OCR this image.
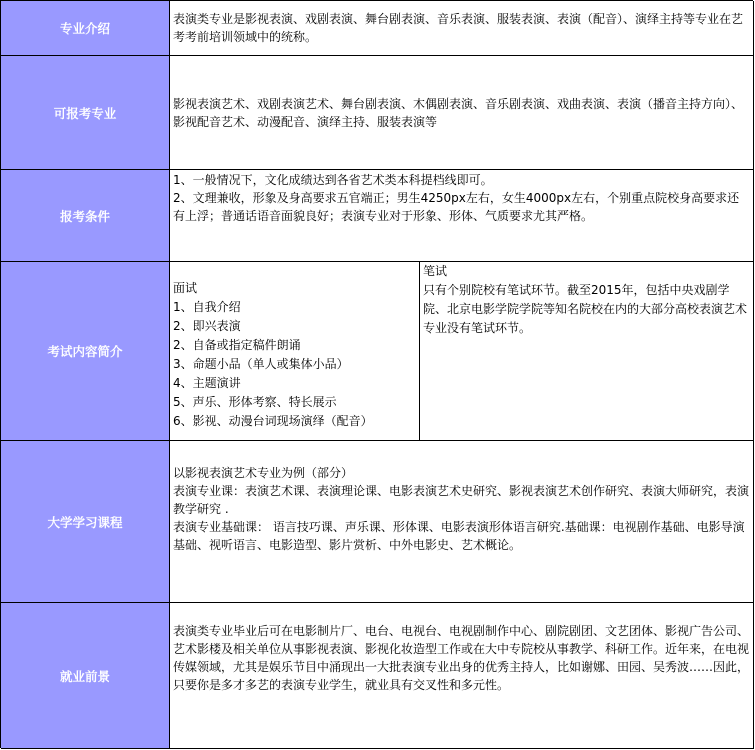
专业介绍

表演类专业是影视表演、戏剧表演、舞台剧表演、音乐表演、服装表演、表演（配音）、演绎主持等专业在艺考考前培训领域中的统称。

可报考专业

影视表演艺术、戏剧表演艺术、舞台剧表演、木偶剧表演、音乐剧表演、戏曲表演、表演（播音主持方向）、影视配音艺术、动漫配音、演绎主持、服装表演等

报考条件

1、一般情况下，文化成绩达到各省艺术类本科提档线即可。

2、文理兼收，形象及身高要求五官端正；男生4250px左右，女生4000px左右，个别重点院校身高要求还有上浮；普通话语音面貌良好；表演专业对于形象、形体、气质要求尤其严格。

考试内容简介

面试

1、自我介绍

2、即兴表演

2、自备或指定稿件朗诵

3、命题小品（单人或集体小品）

4、主题演讲

5、声乐、形体考察、特长展示

6、影视、动漫台词现场演绎（配音）

笔试

只有个别院校有笔试环节。截至2015年，包括中央戏剧学院、北京电影学院学院等知名院校在内的大部分高校表演艺术专业没有笔试环节。

大学学习课程

以影视表演艺术专业为例（部分）

表演专业课：表演艺术课、表演理论课、电影表演艺术史研究、影视表演艺术创作研究、表演大师研究，表演教学研究 .

表演专业基础课： 语言技巧课、声乐课、形体课、电影表演形体语言研究.基础课：电视剧作基础、电影导演基础、视听语言、电影造型、影片赏析、中外电影史、艺术概论。

就业前景

表演类专业毕业后可在电影制片厂、电台、电视台、电视剧制作中心、剧院剧团、文艺团体、影视广告公司、艺术影楼及相关单位从事影视表演、影视化妆造型工作或在大中专院校从事教学、科研工作。近年来，在电视传媒领域，尤其是娱乐节目中涌现出一大批表演专业出身的优秀主持人，比如谢娜、田园、吴秀波……因此，只要你是多才多艺的表演专业学生，就业具有交叉性和多元性。
